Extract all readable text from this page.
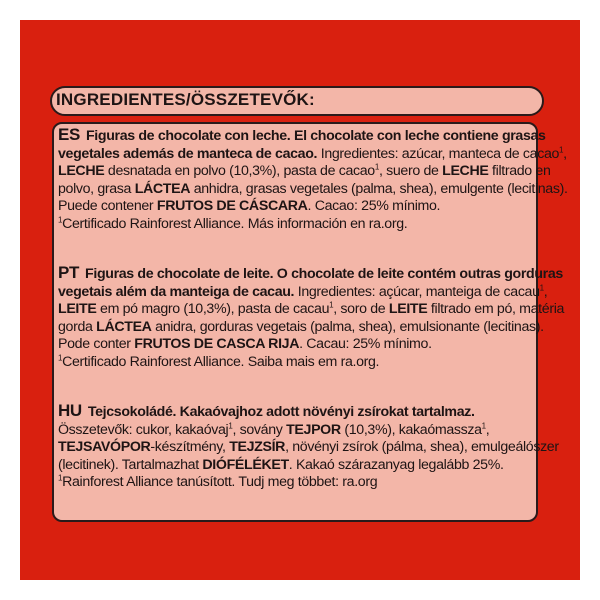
INGREDIENTES/ÖSSZETEVŐK:
ES Figuras de chocolate con leche. El chocolate con leche contiene grasas
vegetales además de manteca de cacao. Ingredientes: azúcar, manteca de cacao$^1$,
LECHE desnatada en polvo (10,3%), pasta de cacao$^1$, suero de LECHE filtrado en
polvo, grasa LÁCTEA anhidra, grasas vegetales (palma, shea), emulgente (lecitinas).
Puede contener FRUTOS DE CÁSCARA. Cacao: 25% mínimo.
$^1$Certificado Rainforest Alliance. Más información en ra.org.
PT Figuras de chocolate de leite. O chocolate de leite contém outras gorduras
vegetais além da manteiga de cacau. Ingredientes: açúcar, manteiga de cacau$^1$,
LEITE em pó magro (10,3%), pasta de cacau$^1$, soro de LEITE filtrado em pó, matéria
gorda LÁCTEA anidra, gorduras vegetais (palma, shea), emulsionante (lecitinas).
Pode conter FRUTOS DE CASCA RIJA. Cacau: 25% mínimo.
$^1$Certificado Rainforest Alliance. Saiba mais em ra.org.
HU Tejcsokoládé. Kakaóvajhoz adott növényi zsírokat tartalmaz.
Összetevők: cukor, kakaóvaj$^1$, sovány TEJPOR (10,3%), kakaómassza$^1$,
TEJSAVÓPOR-készítmény, TEJZSÍR, növényi zsírok (pálma, shea), emulgeálószer
(lecitinek). Tartalmazhat DIÓFÉLÉKET. Kakaó szárazanyag legalább 25%.
$^1$Rainforest Alliance tanúsított. Tudj meg többet: ra.org
